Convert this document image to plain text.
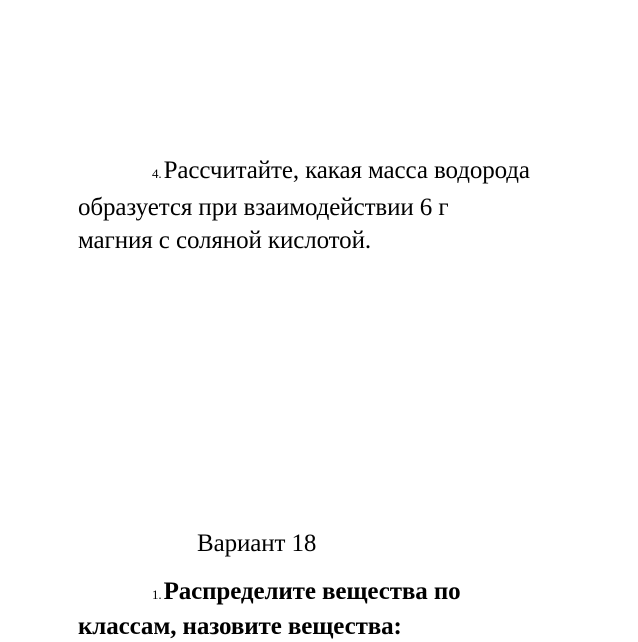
4.Рассчитайте, какая масса водорода
образуется при взаимодействии 6 г
магния с соляной кислотой.
Вариант 18
1.Распределите вещества по
классам, назовите вещества:
